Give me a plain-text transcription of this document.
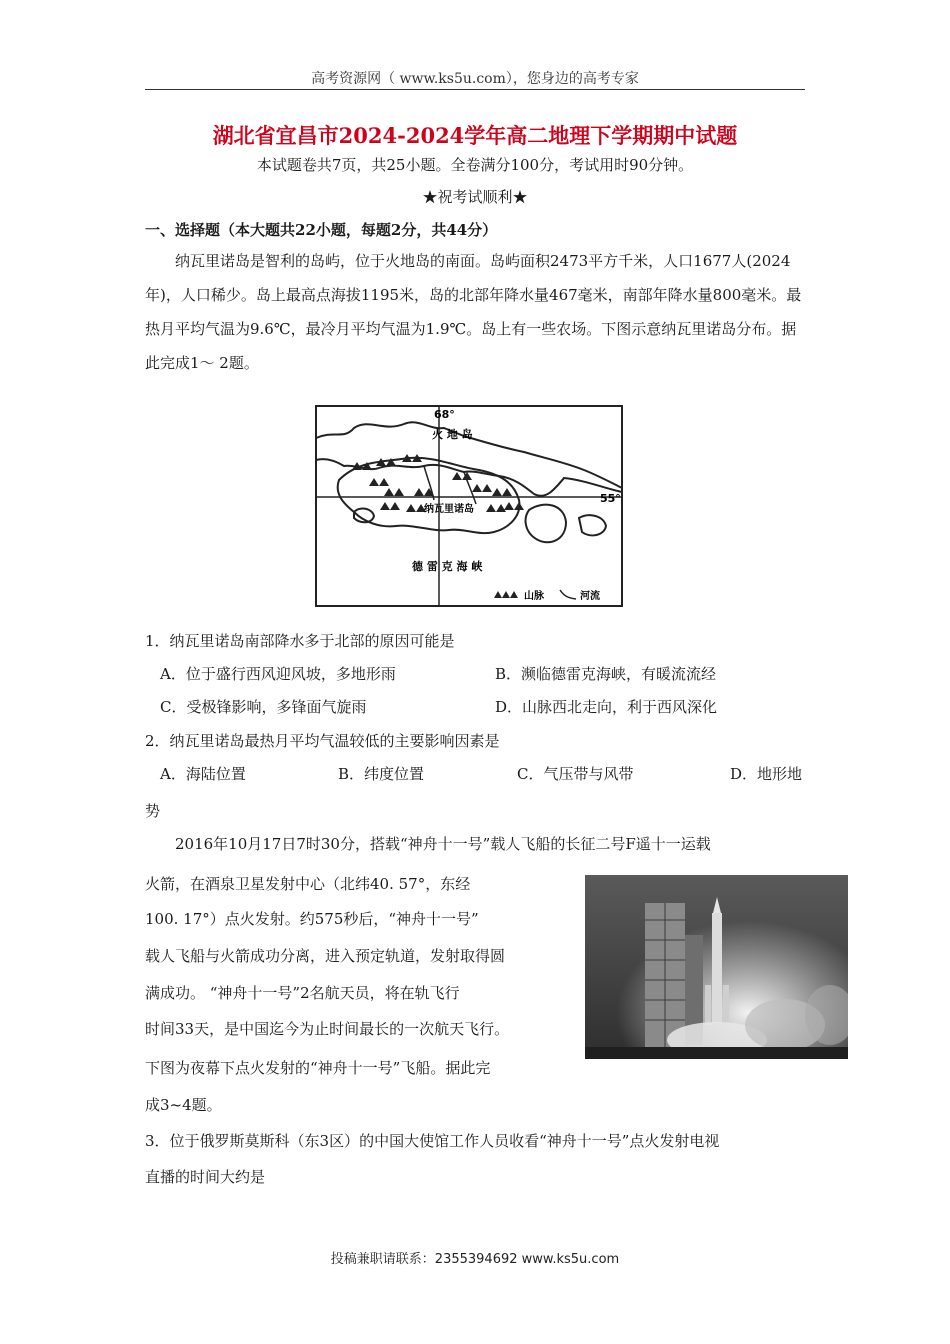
高考资源网（ www.ks5u.com），您身边的高考专家
湖北省宜昌市2024-2024学年高二地理下学期期中试题
本试题卷共7页，共25小题。全卷满分100分，考试用时90分钟。
★祝考试顺利★
一、选择题（本大题共22小题，每题2分，共44分）

纳瓦里诺岛是智利的岛屿，位于火地岛的南面。岛屿面积2473平方千米，人口1677人(2024年)，人口稀少。岛上最高点海拔1195米，岛的北部年降水量467毫米，南部年降水量800毫米。最热月平均气温为9.6℃，最冷月平均气温为1.9℃。岛上有一些农场。下图示意纳瓦里诺岛分布。据此完成1～ 2题。

68°
55°
火 地 岛
纳瓦里诺岛
德 雷 克 海 峡
山脉	河流
1．纳瓦里诺岛南部降水多于北部的原因可能是
A．位于盛行西风迎风坡，多地形雨	B．濒临德雷克海峡，有暖流流经
C．受极锋影响，多锋面气旋雨	D．山脉西北走向，利于西风深化
2．纳瓦里诺岛最热月平均气温较低的主要影响因素是
A．海陆位置	B．纬度位置	C．气压带与风带	D．地形地
势
2016年10月17日7时30分，搭载“神舟十一号”载人飞船的长征二号F遥十一运载
火箭，在酒泉卫星发射中心（北纬40. 57°，东经
100. 17°）点火发射。约575秒后，“神舟十一号”
载人飞船与火箭成功分离，进入预定轨道，发射取得圆
满成功。 “神舟十一号”2名航天员，将在轨飞行
时间33天，是中国迄今为止时间最长的一次航天飞行。
下图为夜幕下点火发射的“神舟十一号”飞船。据此完
成3~4题。
3．位于俄罗斯莫斯科（东3区）的中国大使馆工作人员收看“神舟十一号”点火发射电视
直播的时间大约是
投稿兼职请联系：2355394692 www.ks5u.com
